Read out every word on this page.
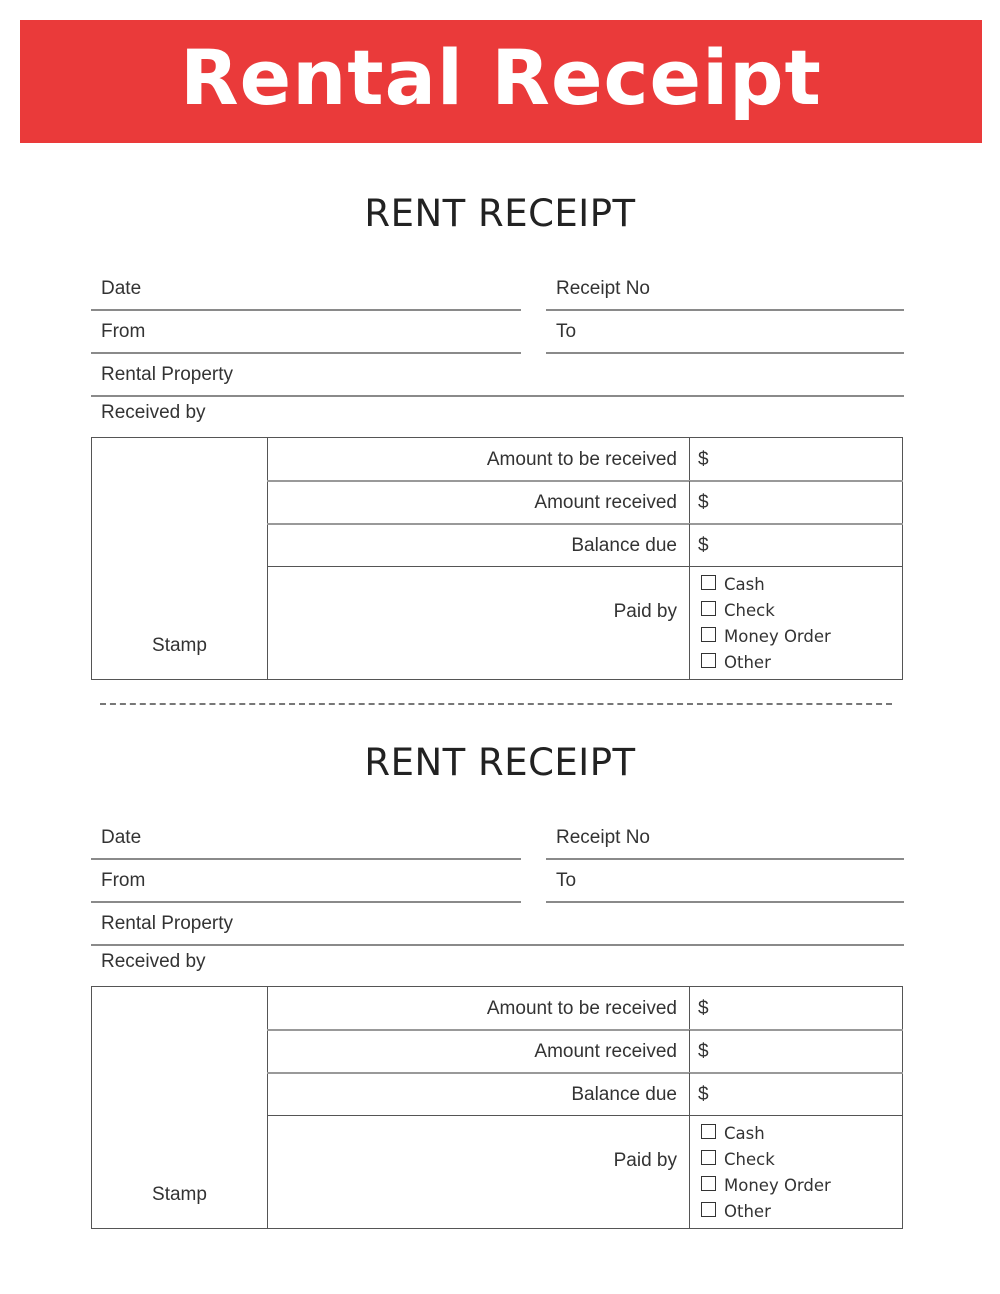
Rental Receipt
RENT RECEIPT
Date	Receipt No
From	To
Rental Property
Received by
Stamp
Amount to be received $
Amount received $
Balance due $
Paid by
Cash
Check
Money Order
Other
RENT RECEIPT
Date	Receipt No
From	To
Rental Property
Received by
Stamp
Amount to be received $
Amount received $
Balance due $
Paid by
Cash
Check
Money Order
Other
